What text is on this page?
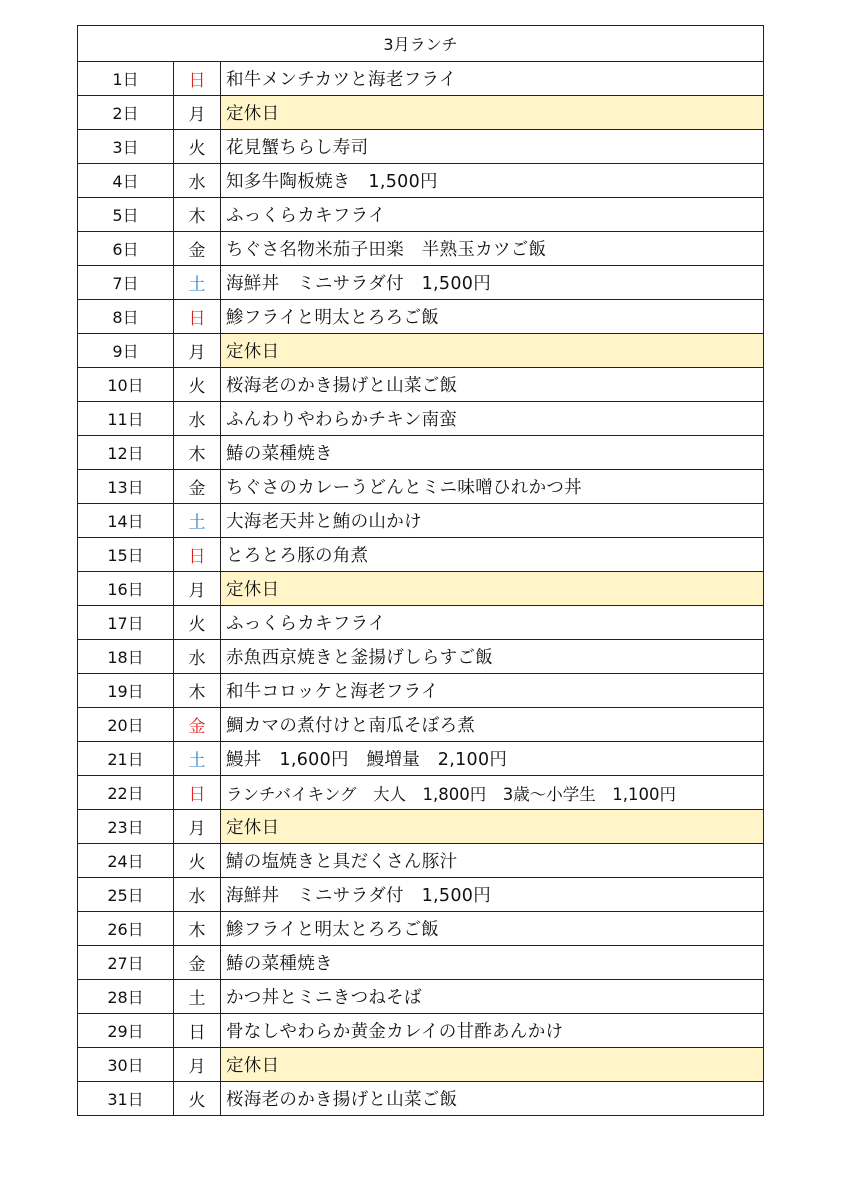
3月ランチ		
1日	日	和牛メンチカツと海老フライ
2日	月	定休日
3日	火	花見蟹ちらし寿司
4日	水	知多牛陶板焼き　1,500円
5日	木	ふっくらカキフライ
6日	金	ちぐさ名物米茄子田楽　半熟玉カツご飯
7日	土	海鮮丼　ミニサラダ付　1,500円
8日	日	鯵フライと明太とろろご飯
9日	月	定休日
10日	火	桜海老のかき揚げと山菜ご飯
11日	水	ふんわりやわらかチキン南蛮
12日	木	鰆の菜種焼き
13日	金	ちぐさのカレーうどんとミニ味噌ひれかつ丼
14日	土	大海老天丼と鮪の山かけ
15日	日	とろとろ豚の角煮
16日	月	定休日
17日	火	ふっくらカキフライ
18日	水	赤魚西京焼きと釜揚げしらすご飯
19日	木	和牛コロッケと海老フライ
20日	金	鯛カマの煮付けと南瓜そぼろ煮
21日	土	鰻丼　1,600円　鰻増量　2,100円
22日	日	ランチバイキング　大人　1,800円　3歳～小学生　1,100円
23日	月	定休日
24日	火	鯖の塩焼きと具だくさん豚汁
25日	水	海鮮丼　ミニサラダ付　1,500円
26日	木	鯵フライと明太とろろご飯
27日	金	鰆の菜種焼き
28日	土	かつ丼とミニきつねそば
29日	日	骨なしやわらか黄金カレイの甘酢あんかけ
30日	月	定休日
31日	火	桜海老のかき揚げと山菜ご飯
